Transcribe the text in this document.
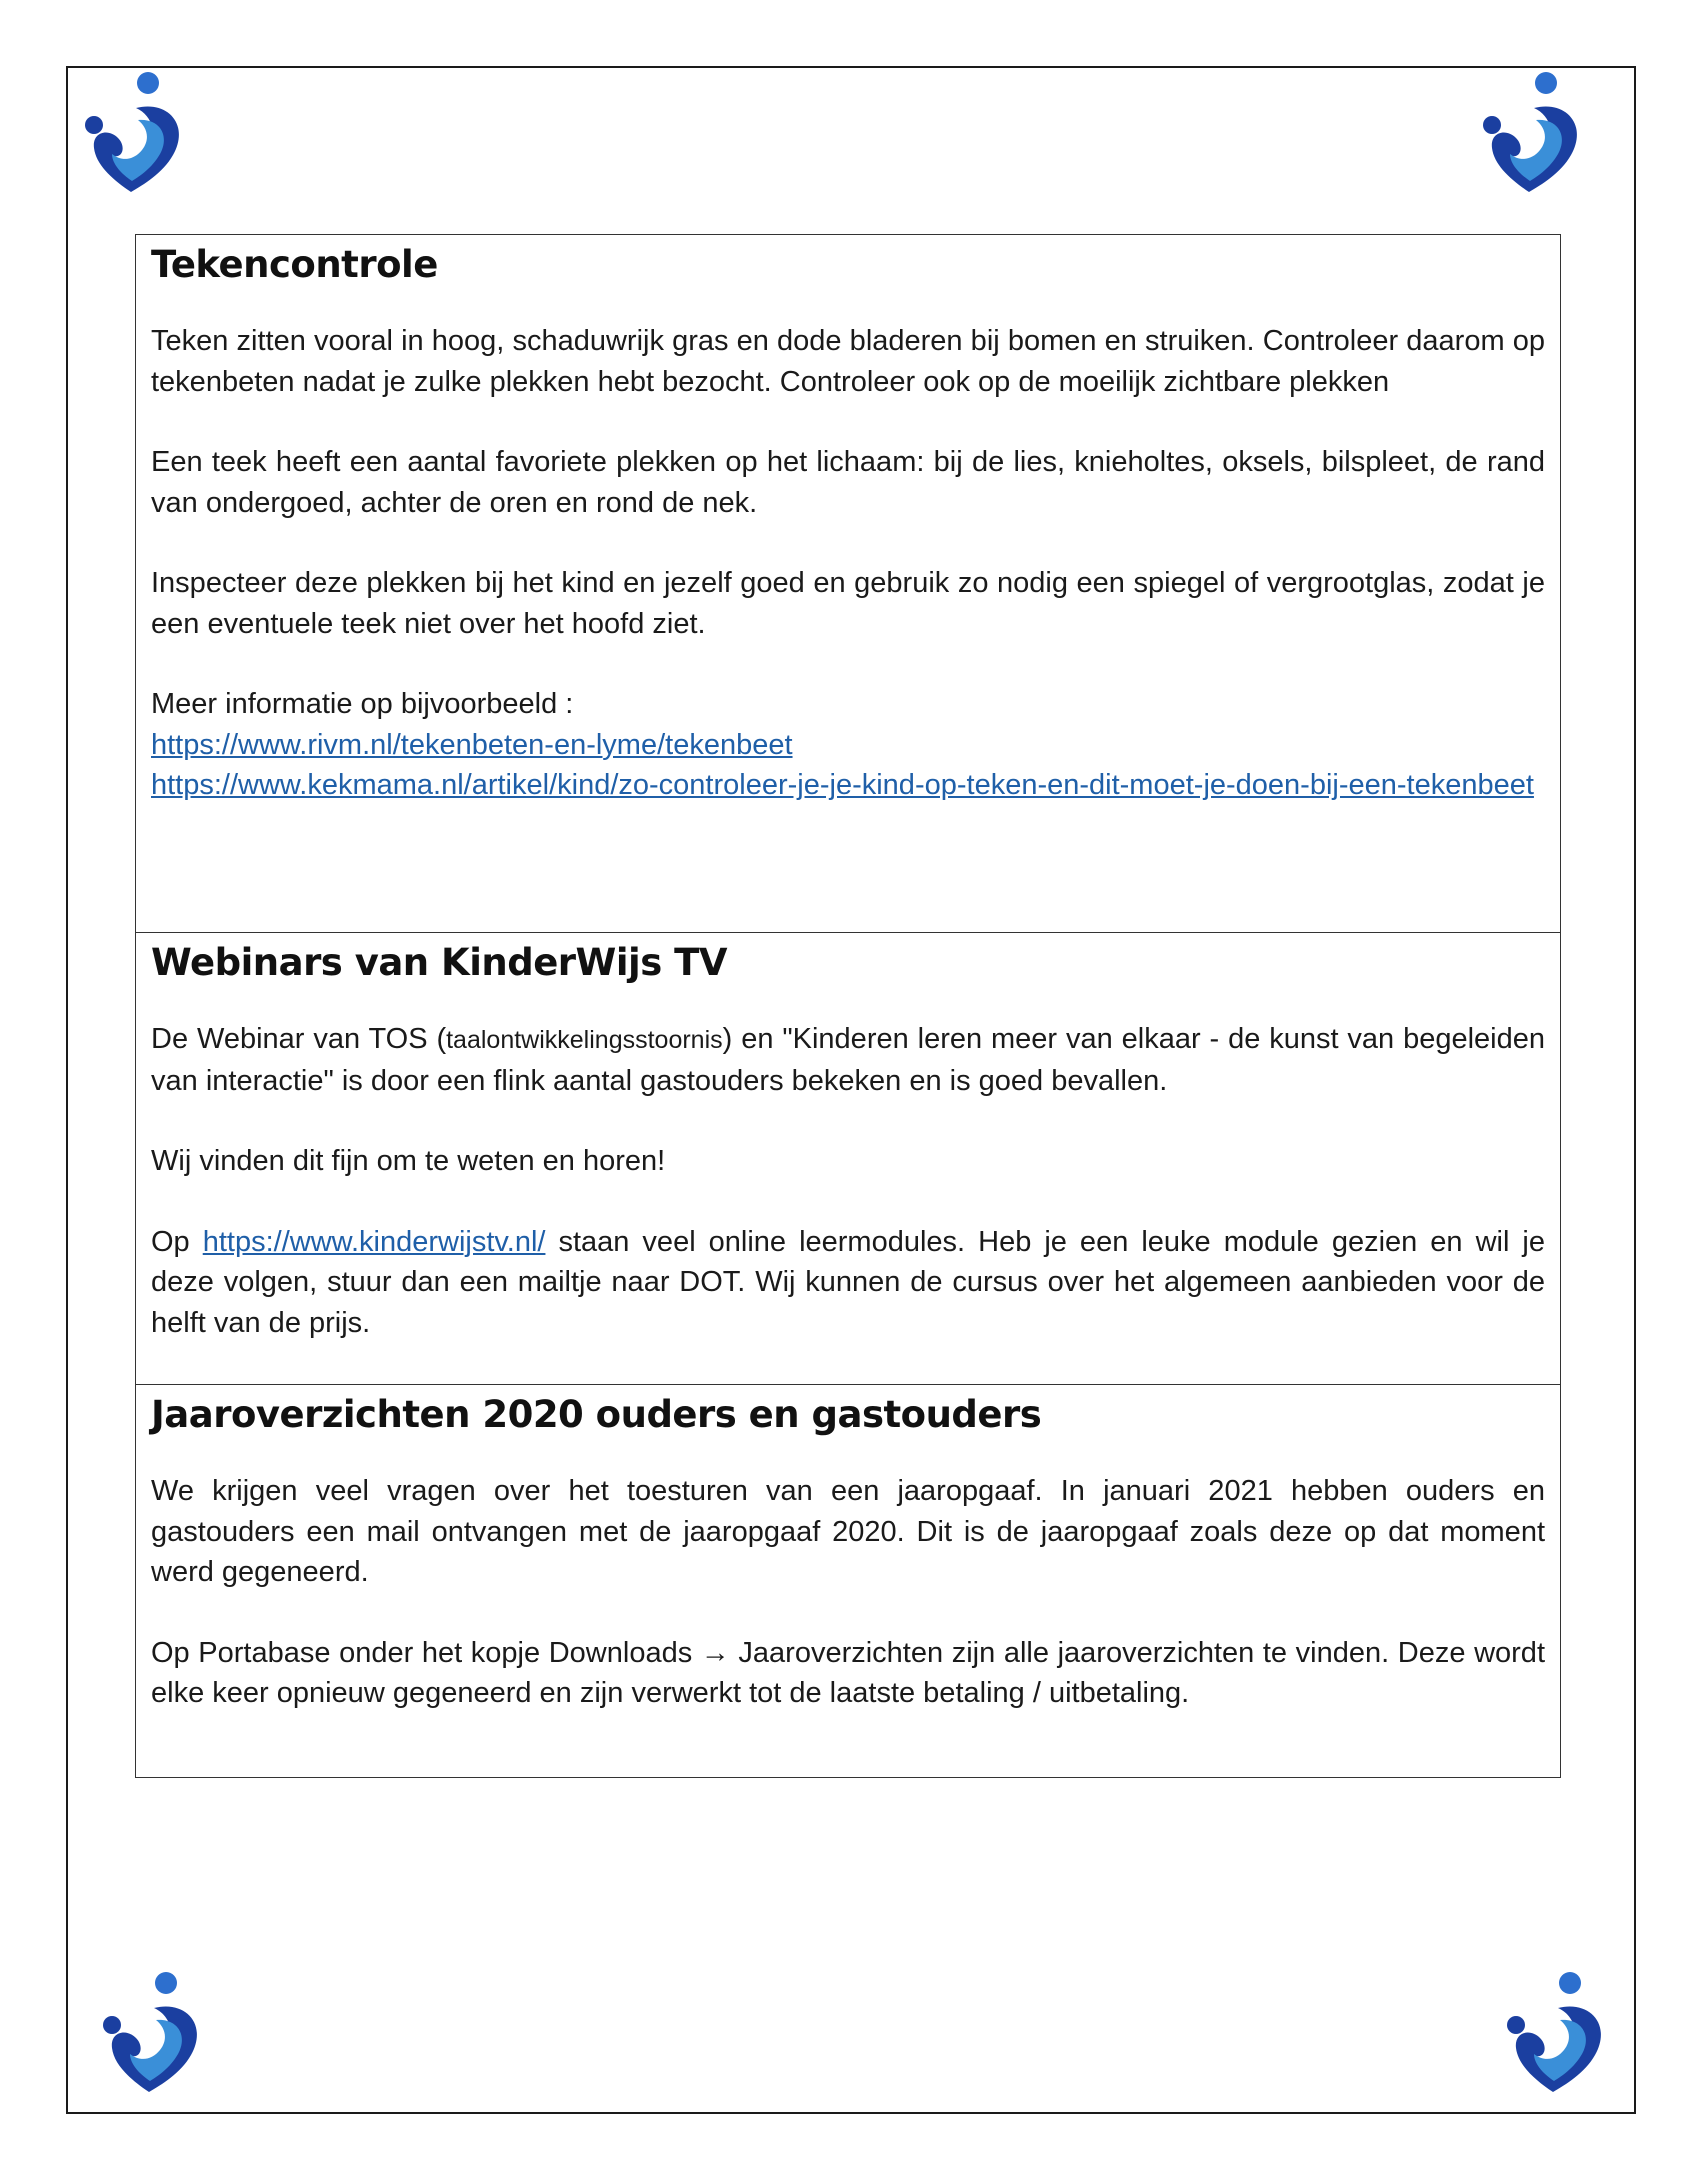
Tekencontrole

Teken zitten vooral in hoog, schaduwrijk gras en dode bladeren bij bomen en struiken. Controleer daarom op tekenbeten nadat je zulke plekken hebt bezocht. Controleer ook op de moeilijk zichtbare plekken

Een teek heeft een aantal favoriete plekken op het lichaam: bij de lies, knieholtes, oksels, bilspleet, de rand van ondergoed, achter de oren en rond de nek.

Inspecteer deze plekken bij het kind en jezelf goed en gebruik zo nodig een spiegel of vergrootglas, zodat je een eventuele teek niet over het hoofd ziet.

Meer informatie op bijvoorbeeld :
https://www.rivm.nl/tekenbeten-en-lyme/tekenbeet
https://www.kekmama.nl/artikel/kind/zo-controleer-je-je-kind-op-teken-en-dit-moet-je-doen-bij-een-tekenbeet
Webinars van KinderWijs TV

De Webinar van TOS (taalontwikkelingsstoornis) en "Kinderen leren meer van elkaar - de kunst van begeleiden van interactie" is door een flink aantal gastouders bekeken en is goed bevallen.

Wij vinden dit fijn om te weten en horen!

Op https://www.kinderwijstv.nl/ staan veel online leermodules. Heb je een leuke module gezien en wil je deze volgen, stuur dan een mailtje naar DOT. Wij kunnen de cursus over het algemeen aanbieden voor de helft van de prijs.

Jaaroverzichten 2020 ouders en gastouders

We krijgen veel vragen over het toesturen van een jaaropgaaf. In januari 2021 hebben ouders en gastouders een mail ontvangen met de jaaropgaaf 2020. Dit is de jaaropgaaf zoals deze op dat moment werd gegeneerd.

Op Portabase onder het kopje Downloads → Jaaroverzichten zijn alle jaaroverzichten te vinden. Deze wordt elke keer opnieuw gegeneerd en zijn verwerkt tot de laatste betaling / uitbetaling.
